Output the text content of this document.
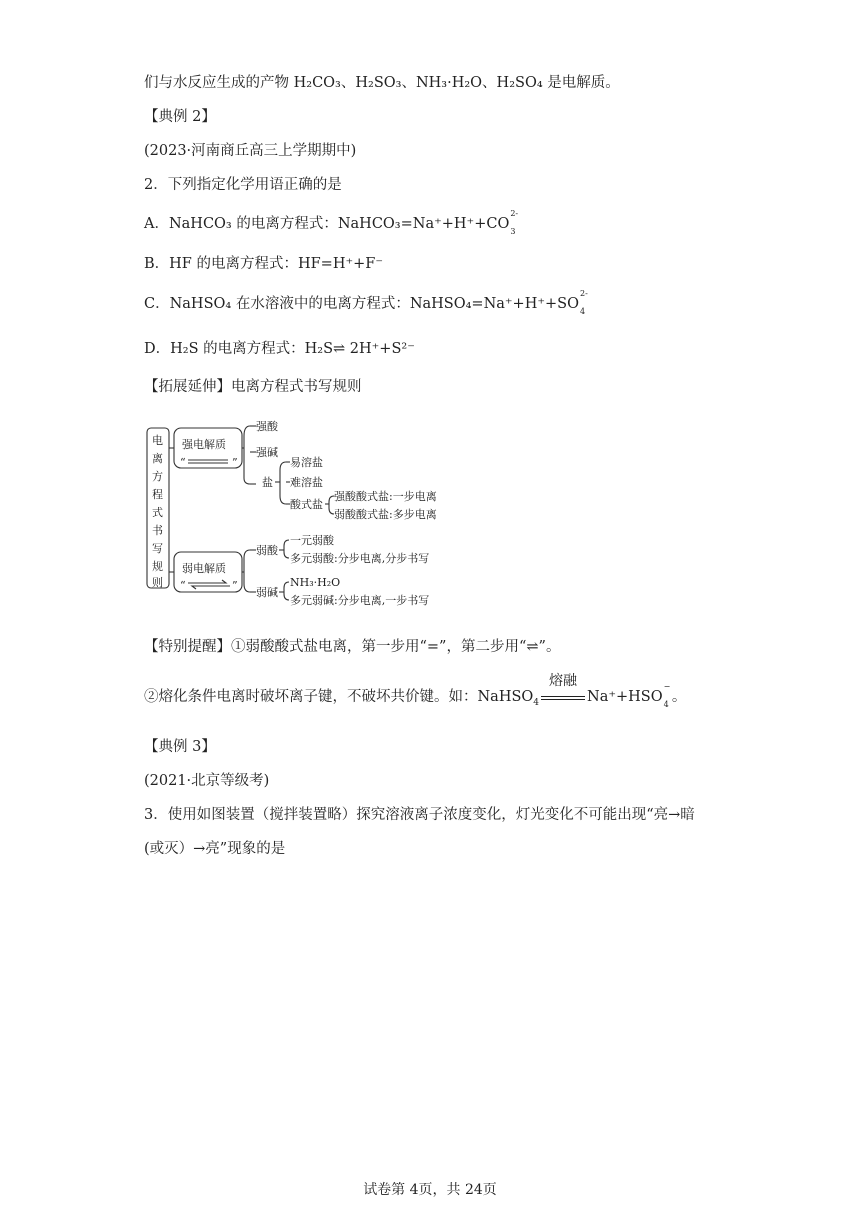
们与水反应生成的产物 H₂CO₃、H₂SO₃、NH₃·H₂O、H₂SO₄ 是电解质。
【典例 2】
(2023·河南商丘高三上学期期中)
2．下列指定化学用语正确的是
A．NaHCO₃ 的电离方程式：NaHCO₃=Na⁺+H⁺+CO
2-
3

B．HF 的电离方程式：HF=H⁺+F⁻
C．NaHSO₄ 在水溶液中的电离方程式：NaHSO₄=Na⁺+H⁺+SO
2-
4

D．H₂S 的电离方程式：H₂S⇌ 2H⁺+S²⁻
【拓展延伸】电离方程式书写规则
电
离
方
程
式
书
写
规
则
强电解质
“	”
弱电解质
“	”
强酸
强碱
盐
易溶盐
难溶盐
酸式盐
强酸酸式盐:一步电离
弱酸酸式盐:多步电离
弱酸
弱碱
一元弱酸
多元弱酸:分步电离,分步书写
NH₃·H₂O
多元弱碱:分步电离,一步书写
【特别提醒】①弱酸酸式盐电离，第一步用“=”，第二步用“⇌”。
②熔化条件电离时破坏离子键，不破坏共价键。如：NaHSO$_4$
熔融
Na⁺+HSO
−
4 。
【典例 3】
(2021·北京等级考)
3．使用如图装置（搅拌装置略）探究溶液离子浓度变化，灯光变化不可能出现“亮→暗
(或灭）→亮”现象的是
试卷第 4页，共 24页
